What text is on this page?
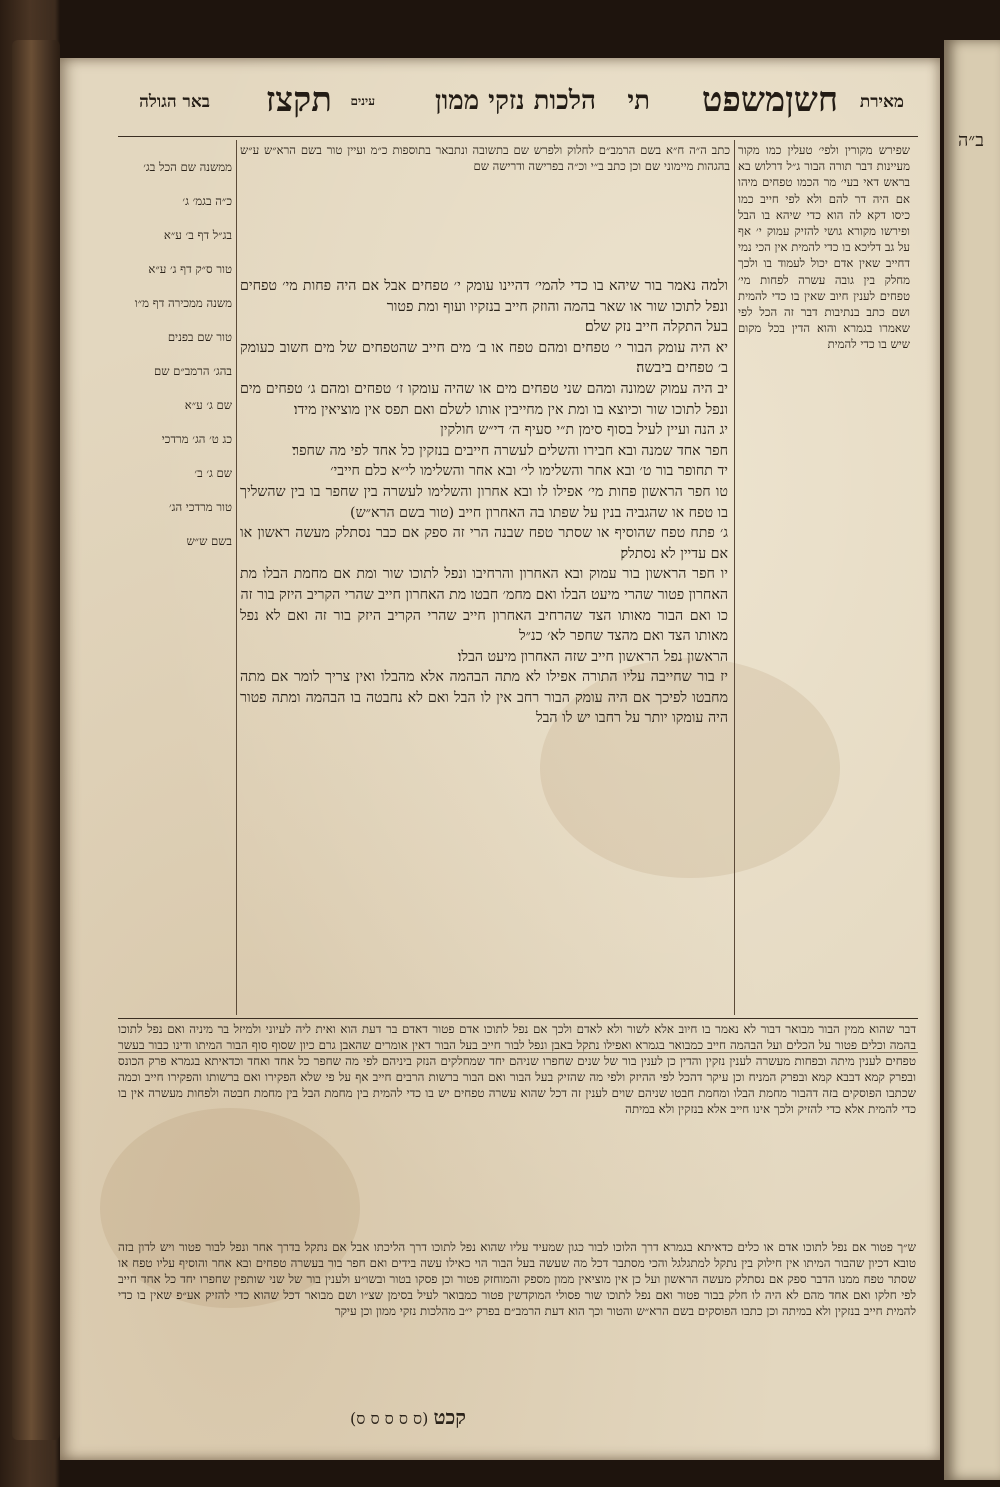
ב״ה
מאירת
חשןמשפט
תי
הלכות נזקי ממון
עינים
תקצז
באר הגולה

שפירש מקורין ולפי׳ טעלין כמו מקור מעיינות דבר תורה הבור ג״ל דרלוש בא בראש דאי בעי׳ מר הכמו טפחים מיהו אם היה דר להם ולא לפי חייב כמו כיסו דקא לה הוא כדי שיהא בו הבל ופירשו מקורא גושי להזיק עמוק י׳ אף על גב דליכא בו כדי להמית אין הכי נמי דחייב שאין אדם יכול לעמוד בו ולכך מחלק בין גובה עשרה לפחות מי׳ טפחים לענין חיוב שאין בו כדי להמית ושם כתב בנתיבות דבר זה הכל לפי שאמרו בגמרא והוא הדין בכל מקום שיש בו כדי להמית

כתב ה״ה ח״א בשם הרמב״ם לחלוק ולפרש שם בתשובה ונתבאר בתוספות כ״מ ועיין טור בשם הרא״ש ע״ש בהגהות מיימוני שם וכן כתב ב״י וכ״ה בפרישה ודרישה שם

ולמה נאמר בור שיהא בו כדי להמי׳ דהיינו עומק י׳ טפחים אבל אם היה פחות מי׳ טפחים ונפל לתוכו שור או שאר בהמה והוזק חייב בנזקיו ועוף ומת פטור

בעל התקלה חייב נזק שלם׃

יא היה עומק הבור י׳ טפחים ומהם טפח או ב׳ מים חייב שהטפחים של מים חשוב כעומק ב׳ טפחים ביבשה׃

יב היה עמוק שמונה ומהם שני טפחים מים או שהיה עומקו ז׳ טפחים ומהם ג׳ טפחים מים ונפל לתוכו שור וכיוצא בו ומת אין מחייבין אותו לשלם ואם תפס אין מוציאין מידו׃

יג הנה ועיין לעיל בסוף סימן ת״י סעיף ה׳ די״ש חולקין

חפר אחד שמנה ובא חבירו והשלים לעשרה חייבים בנזקין כל אחד לפי מה שחפר׃

יד תחופר בור ט׳ ובא אחר והשלימו לי׳ ובא אחר והשלימו לי״א כלם חייבי׳

טו חפר הראשון פחות מי׳ אפילו לו ובא אחרון והשלימו לעשרה בין שחפר בו בין שהשליך בו טפח או שהגביה בנין על שפתו בה האחרון חייב (טור בשם הרא״ש)

ג׳ פתח טפח שהוסיף או שסתר טפח שבנה הרי זה ספק אם כבר נסתלק מעשה ראשון או אם עדיין לא נסתלק׃

יו חפר הראשון בור עמוק ובא האחרון והרחיבו ונפל לתוכו שור ומת אם מחמת הבלו מת האחרון פטור שהרי מיעט הבלו ואם מחמ׳ חבטו מת האחרון חייב שהרי הקריב היזק בור זה

כו ואם הבור מאותו הצד שהרחיב האחרון חייב שהרי הקריב היזק בור זה ואם לא נפל מאותו הצד ואם מהצד שחפר לא׳ כנ״ל

הראשון נפל הראשון חייב שזה האחרון מיעט הבלו׃

יז בור שחייבה עליו התורה אפילו לא מתה הבהמה אלא מהבלו ואין צריך לומר אם מתה מחבטו לפיכך אם היה עומק הבור רחב אין לו הבל ואם לא נחבטה בו הבהמה ומתה פטור היה עומקו יותר על רחבו יש לו הבל

ממשנה שם הכל בג׳

כ״ה בגמ׳ ג׳

בג״ל דף ב׳ ע״א

טור ס״ק דף ג׳ ע״א

משנה ממכירה דף מ״ו

טור שם בפנים

בהג׳ הרמב״ם שם

שם ג׳ ע״א

כג ט׳ הג׳ מרדכי

שם ג׳ ב׳

טור מרדכי הג׳

בשם ש״ש

דבר שהוא ממין הבור מבואר דבור לא נאמר בו חיוב אלא לשור ולא לאדם ולכך אם נפל לתוכו אדם פטור דאדם בר דעת הוא ואית ליה לעיוני ולמיזל בר מיניה ואם נפל לתוכו בהמה וכלים פטור על הכלים ועל הבהמה חייב כמבואר בגמרא ואפילו נתקל באבן ונפל לבור חייב בעל הבור דאין אומרים שהאבן גרם כיון שסוף סוף הבור המיתו ודינו כבור בעשר טפחים לענין מיתה ובפחות מעשרה לענין נזקין והדין כן לענין בור של שנים שחפרו שניהם יחד שמחלקים הנזק ביניהם לפי מה שחפר כל אחד ואחד וכדאיתא בגמרא פרק הכונס ובפרק קמא דבבא קמא ובפרק המניח וכן עיקר דהכל לפי ההיזק ולפי מה שהזיק בעל הבור ואם הבור ברשות הרבים חייב אף על פי שלא הפקירו ואם ברשותו והפקירו חייב וכמה שכתבו הפוסקים בזה דהבור מחמת הבלו ומחמת חבטו שניהם שוים לענין זה דכל שהוא עשרה טפחים יש בו כדי להמית בין מחמת הבל בין מחמת חבטה ולפחות מעשרה אין בו כדי להמית אלא כדי להזיק ולכך אינו חייב אלא בנזקין ולא במיתה

ש״ך פטור אם נפל לתוכו אדם או כלים כדאיתא בגמרא דרך הלוכו לבור כגון שמעיד עליו שהוא נפל לתוכו דרך הליכתו אבל אם נתקל בדרך אחר ונפל לבור פטור ויש לדון בזה טובא דכיון שהבור המיתו אין חילוק בין נתקל למתגלגל והכי מסתבר דכל מה שעשה בעל הבור הוי כאילו עשה בידים ואם חפר בור בעשרה טפחים ובא אחר והוסיף עליו טפח או שסתר טפח ממנו הדבר ספק אם נסתלק מעשה הראשון ועל כן אין מוציאין ממון מספק והמוחזק פטור וכן פסקו בטור ובשו״ע ולענין בור של שני שותפין שחפרו יחד כל אחד חייב לפי חלקו ואם אחד מהם לא היה לו חלק בבור פטור ואם נפל לתוכו שור פסולי המוקדשין פטור כמבואר לעיל בסימן שצ״ו ושם מבואר דכל שהוא כדי להזיק אע״פ שאין בו כדי להמית חייב בנזקין ולא במיתה וכן כתבו הפוסקים בשם הרא״ש והטור וכך הוא דעת הרמב״ם בפרק י״ב מהלכות נזקי ממון וכן עיקר

(ס ס ס ס ס) קכט
